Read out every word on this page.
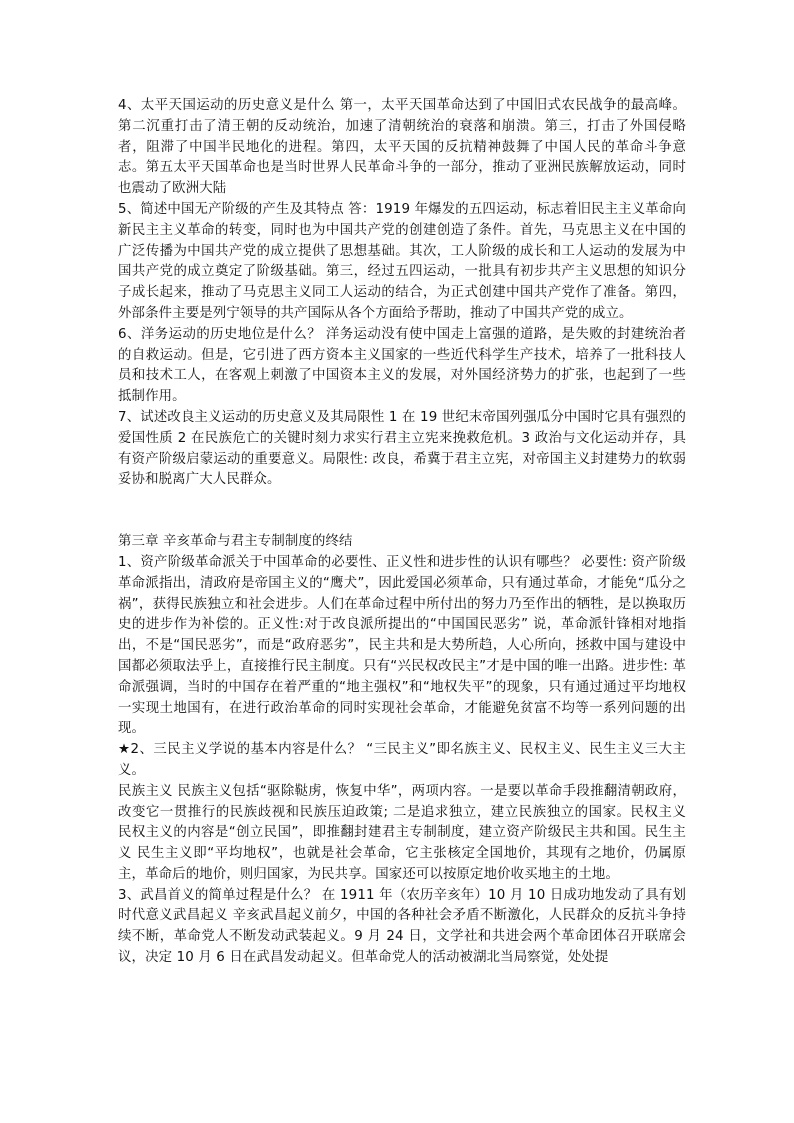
4、太平天国运动的历史意义是什么 第一，太平天国革命达到了中国旧式农民战争的最高峰。第二沉重打击了清王朝的反动统治，加速了清朝统治的衰落和崩溃。第三，打击了外国侵略者，阻滞了中国半民地化的进程。第四，太平天国的反抗精神鼓舞了中国人民的革命斗争意志。第五太平天国革命也是当时世界人民革命斗争的一部分，推动了亚洲民族解放运动，同时也震动了欧洲大陆

5、简述中国无产阶级的产生及其特点 答：1919 年爆发的五四运动，标志着旧民主主义革命向新民主主义革命的转变，同时也为中国共产党的创建创造了条件。首先，马克思主义在中国的广泛传播为中国共产党的成立提供了思想基础。其次，工人阶级的成长和工人运动的发展为中国共产党的成立奠定了阶级基础。第三，经过五四运动，一批具有初步共产主义思想的知识分子成长起来，推动了马克思主义同工人运动的结合，为正式创建中国共产党作了准备。第四，外部条件主要是列宁领导的共产国际从各个方面给予帮助，推动了中国共产党的成立。

6、洋务运动的历史地位是什么？ 洋务运动没有使中国走上富强的道路，是失败的封建统治者的自救运动。但是，它引进了西方资本主义国家的一些近代科学生产技术，培养了一批科技人员和技术工人，在客观上刺激了中国资本主义的发展，对外国经济势力的扩张，也起到了一些抵制作用。

7、试述改良主义运动的历史意义及其局限性 1 在 19 世纪末帝国列强瓜分中国时它具有强烈的爱国性质 2 在民族危亡的关键时刻力求实行君主立宪来挽救危机。3 政治与文化运动并存，具有资产阶级启蒙运动的重要意义。局限性: 改良，希冀于君主立宪，对帝国主义封建势力的软弱妥协和脱离广大人民群众。

第三章 辛亥革命与君主专制制度的终结

1、资产阶级革命派关于中国革命的必要性、正义性和进步性的认识有哪些？ 必要性: 资产阶级革命派指出，清政府是帝国主义的“鹰犬”，因此爱国必须革命，只有通过革命，才能免“瓜分之祸”，获得民族独立和社会进步。人们在革命过程中所付出的努力乃至作出的牺牲，是以换取历史的进步作为补偿的。正义性:对于改良派所提出的“中国国民恶劣” 说，革命派针锋相对地指出，不是“国民恶劣”，而是“政府恶劣”，民主共和是大势所趋，人心所向，拯救中国与建设中国都必须取法乎上，直接推行民主制度。只有“兴民权改民主”才是中国的唯一出路。进步性: 革命派强调，当时的中国存在着严重的“地主强权”和“地权失平”的现象，只有通过通过平均地权一实现土地国有，在进行政治革命的同时实现社会革命，才能避免贫富不均等一系列问题的出现。

★2、三民主义学说的基本内容是什么？ “三民主义”即名族主义、民权主义、民生主义三大主义。

民族主义 民族主义包括“驱除鞑虏，恢复中华”，两项内容。一是要以革命手段推翻清朝政府，改变它一贯推行的民族歧视和民族压迫政策; 二是追求独立，建立民族独立的国家。民权主义 民权主义的内容是“创立民国”，即推翻封建君主专制制度，建立资产阶级民主共和国。民生主义 民生主义即“平均地权”，也就是社会革命，它主张核定全国地价，其现有之地价，仍属原主，革命后的地价，则归国家，为民共享。国家还可以按原定地价收买地主的土地。

3、武昌首义的简单过程是什么？ 在 1911 年（农历辛亥年）10 月 10 日成功地发动了具有划时代意义武昌起义 辛亥武昌起义前夕，中国的各种社会矛盾不断激化，人民群众的反抗斗争持续不断，革命党人不断发动武装起义。9 月 24 日，文学社和共进会两个革命团体召开联席会议，决定 10 月 6 日在武昌发动起义。但革命党人的活动被湖北当局察觉，处处提
